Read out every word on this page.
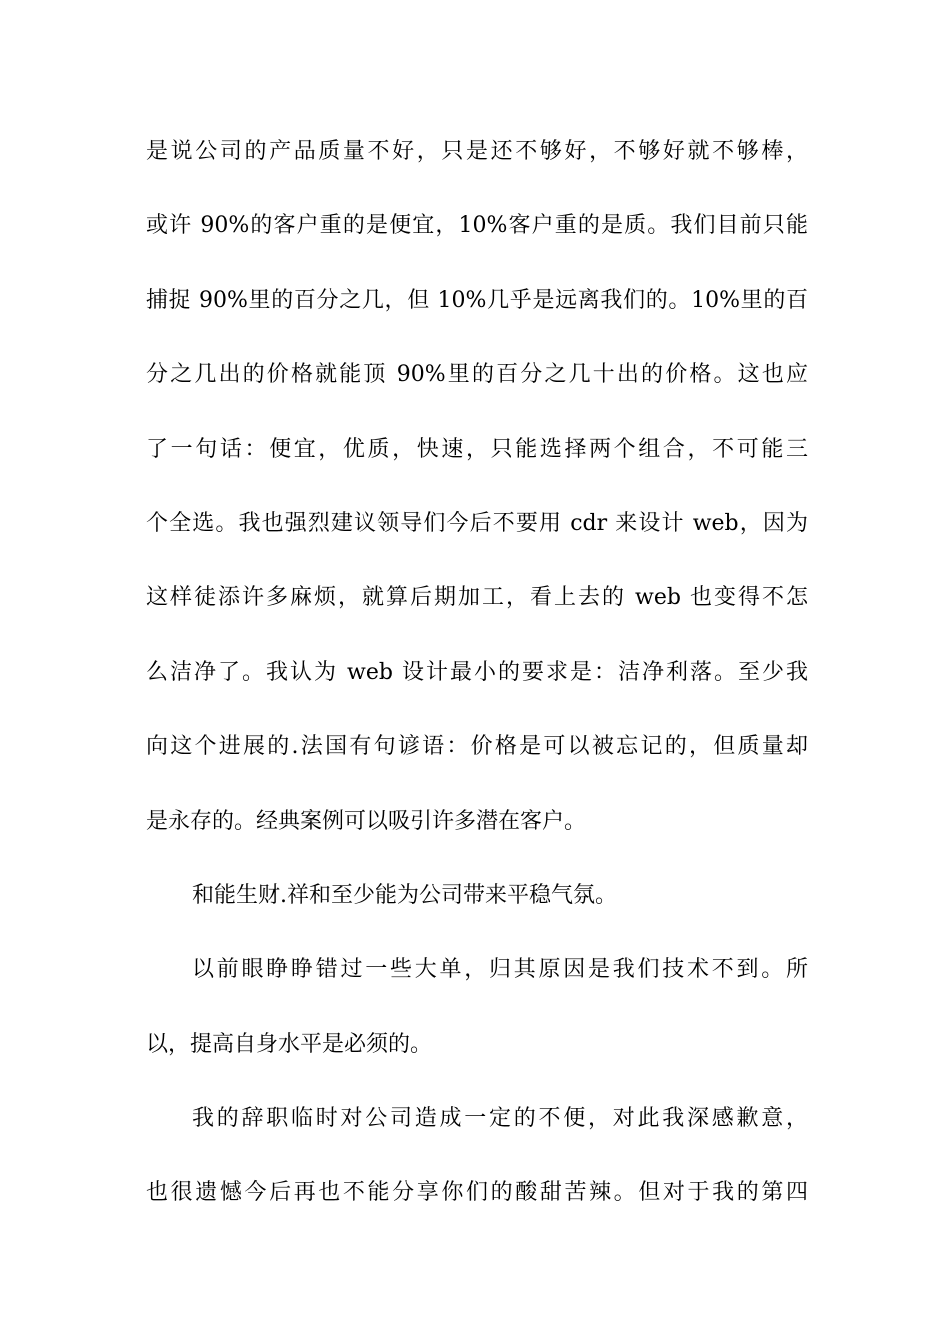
是说公司的产品质量不好，只是还不够好，不够好就不够棒，
或许 90%的客户重的是便宜，10%客户重的是质。我们目前只能
捕捉 90%里的百分之几，但 10%几乎是远离我们的。10%里的百
分之几出的价格就能顶 90%里的百分之几十出的价格。这也应
了一句话：便宜，优质，快速，只能选择两个组合，不可能三
个全选。我也强烈建议领导们今后不要用 cdr 来设计 web，因为
这样徒添许多麻烦，就算后期加工，看上去的 web 也变得不怎
么洁净了。我认为 web 设计最小的要求是：洁净利落。至少我
向这个进展的.法国有句谚语：价格是可以被忘记的，但质量却
是永存的。经典案例可以吸引许多潜在客户。
和能生财.祥和至少能为公司带来平稳气氛。
以前眼睁睁错过一些大单，归其原因是我们技术不到。所
以，提高自身水平是必须的。
我的辞职临时对公司造成一定的不便，对此我深感歉意，
也很遗憾今后再也不能分享你们的酸甜苦辣。但对于我的第四
